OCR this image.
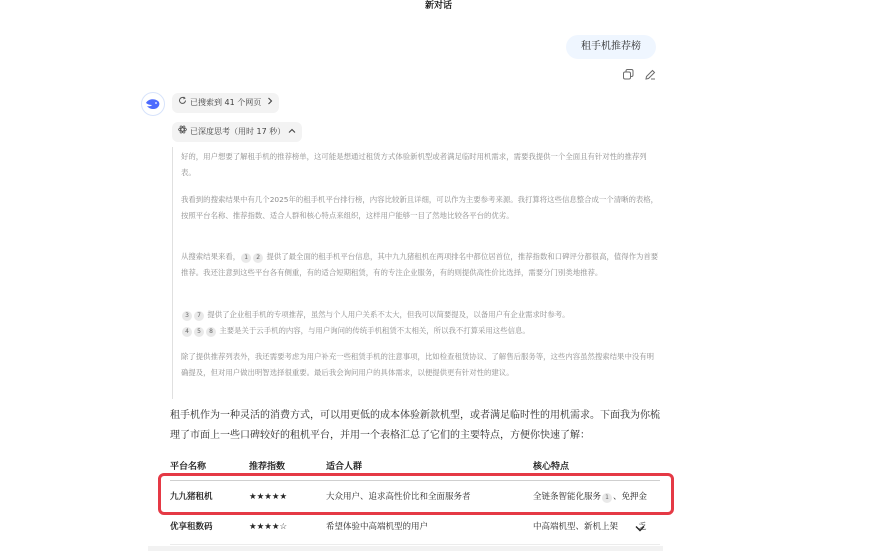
新对话
租手机推荐榜
已搜索到 41 个网页
已深度思考（用时 17 秒）

好的，用户想要了解租手机的推荐榜单，这可能是想通过租赁方式体验新机型或者满足临时用机需求，需要我提供一个全面且有针对性的推荐列表。

我看到的搜索结果中有几个2025年的租手机平台排行榜，内容比较新且详细，可以作为主要参考来源。我打算将这些信息整合成一个清晰的表格，按照平台名称、推荐指数、适合人群和核心特点来组织，这样用户能够一目了然地比较各平台的优劣。

从搜索结果来看， 1 2 提供了最全面的租手机平台信息，其中九九猪租机在两项排名中都位居首位，推荐指数和口碑评分都很高，值得作为首要推荐。我还注意到这些平台各有侧重，有的适合短期租赁，有的专注企业服务，有的则提供高性价比选择，需要分门别类地推荐。

3 7 提供了企业租手机的专项推荐，虽然与个人用户关系不太大，但我可以简要提及，以备用户有企业需求时参考。
4 5 8 主要是关于云手机的内容，与用户询问的传统手机租赁不太相关，所以我不打算采用这些信息。

除了提供推荐列表外，我还需要考虑为用户补充一些租赁手机的注意事项，比如检查租赁协议、了解售后服务等，这些内容虽然搜索结果中没有明确提及，但对用户做出明智选择很重要。最后我会询问用户的具体需求，以便提供更有针对性的建议。

租手机作为一种灵活的消费方式，可以用更低的成本体验新款机型，或者满足临时性的用机需求。下面我为你梳理了市面上一些口碑较好的租机平台，并用一个表格汇总了它们的主要特点，方便你快速了解：

平台名称	推荐指数	适合人群	核心特点
九九猪租机	★★★★★	大众用户、追求高性价比和全面服务者	全链条智能化服务 1 、免押金
优享租数码	★★★★☆	希望体验中高端机型的用户	中高端机型、新机上架 乏
